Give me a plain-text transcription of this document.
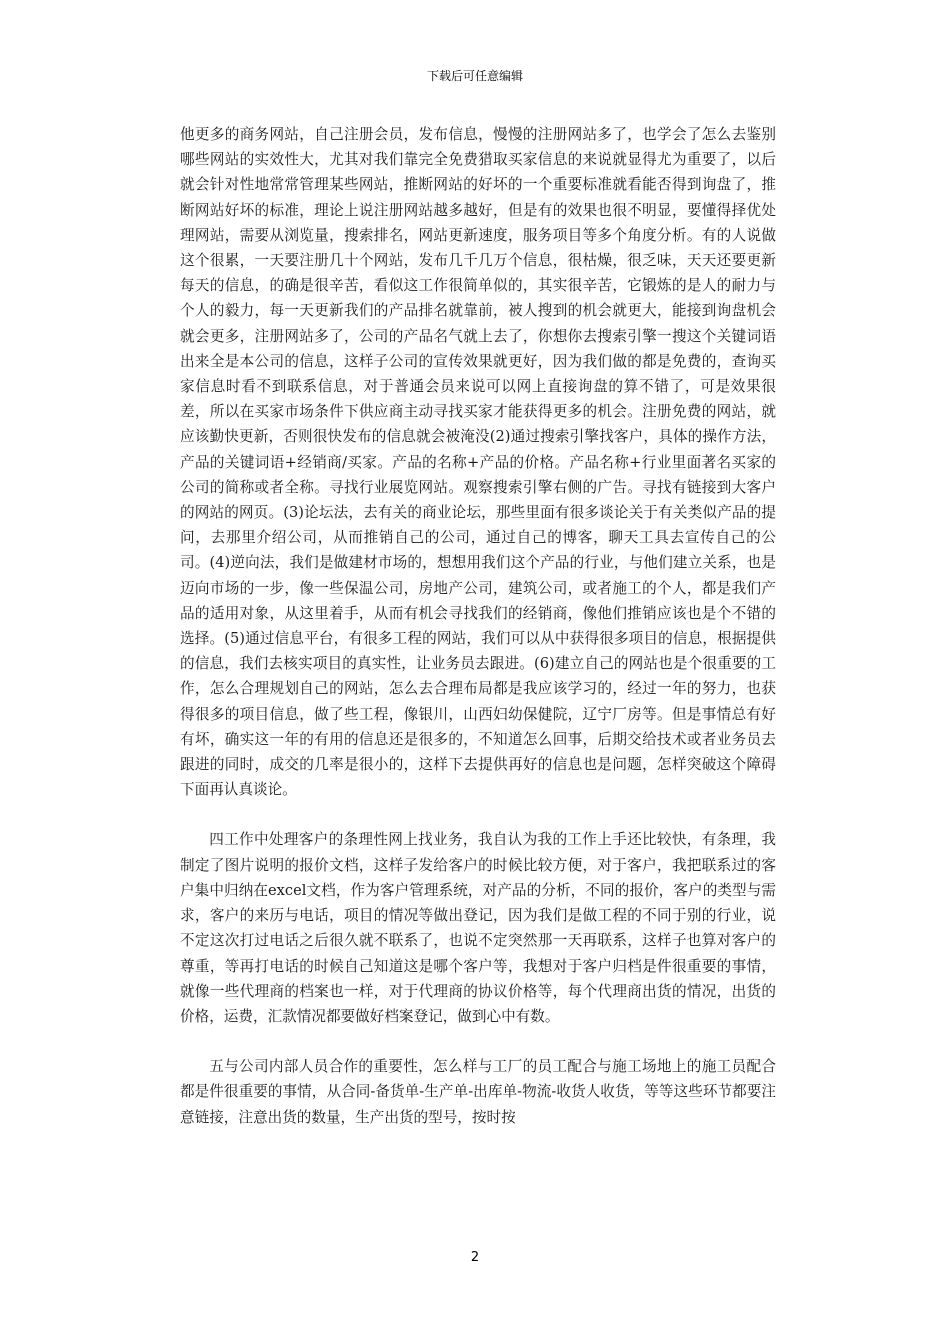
下载后可任意编辑

他更多的商务网站，自己注册会员，发布信息，慢慢的注册网站多了，也学会了怎么去鉴别哪些网站的实效性大，尤其对我们靠完全免费猎取买家信息的来说就显得尤为重要了，以后就会针对性地常常管理某些网站，推断网站的好坏的一个重要标准就看能否得到询盘了，推断网站好坏的标准，理论上说注册网站越多越好，但是有的效果也很不明显，要懂得择优处理网站，需要从浏览量，搜索排名，网站更新速度，服务项目等多个角度分析。有的人说做这个很累，一天要注册几十个网站，发布几千几万个信息，很枯燥，很乏味，天天还要更新每天的信息，的确是很辛苦，看似这工作很简单似的，其实很辛苦，它锻炼的是人的耐力与个人的毅力，每一天更新我们的产品排名就靠前，被人搜到的机会就更大，能接到询盘机会就会更多，注册网站多了，公司的产品名气就上去了，你想你去搜索引擎一搜这个关键词语出来全是本公司的信息，这样子公司的宣传效果就更好，因为我们做的都是免费的，查询买家信息时看不到联系信息，对于普通会员来说可以网上直接询盘的算不错了，可是效果很差，所以在买家市场条件下供应商主动寻找买家才能获得更多的机会。注册免费的网站，就应该勤快更新，否则很快发布的信息就会被淹没(2)通过搜索引擎找客户，具体的操作方法，产品的关键词语+经销商/买家。产品的名称+产品的价格。产品名称+行业里面著名买家的公司的简称或者全称。寻找行业展览网站。观察搜索引擎右侧的广告。寻找有链接到大客户的网站的网页。(3)论坛法，去有关的商业论坛，那些里面有很多谈论关于有关类似产品的提问，去那里介绍公司，从而推销自己的公司，通过自己的博客，聊天工具去宣传自己的公司。(4)逆向法，我们是做建材市场的，想想用我们这个产品的行业，与他们建立关系，也是迈向市场的一步，像一些保温公司，房地产公司，建筑公司，或者施工的个人，都是我们产品的适用对象，从这里着手，从而有机会寻找我们的经销商，像他们推销应该也是个不错的选择。(5)通过信息平台，有很多工程的网站，我们可以从中获得很多项目的信息，根据提供的信息，我们去核实项目的真实性，让业务员去跟进。(6)建立自己的网站也是个很重要的工作，怎么合理规划自己的网站，怎么去合理布局都是我应该学习的，经过一年的努力，也获得很多的项目信息，做了些工程，像银川，山西妇幼保健院，辽宁厂房等。但是事情总有好有坏，确实这一年的有用的信息还是很多的，不知道怎么回事，后期交给技术或者业务员去跟进的同时，成交的几率是很小的，这样下去提供再好的信息也是问题，怎样突破这个障碍下面再认真谈论。

四工作中处理客户的条理性网上找业务，我自认为我的工作上手还比较快，有条理，我制定了图片说明的报价文档，这样子发给客户的时候比较方便，对于客户，我把联系过的客户集中归纳在excel文档，作为客户管理系统，对产品的分析，不同的报价，客户的类型与需求，客户的来历与电话，项目的情况等做出登记，因为我们是做工程的不同于别的行业，说不定这次打过电话之后很久就不联系了，也说不定突然那一天再联系，这样子也算对客户的尊重，等再打电话的时候自己知道这是哪个客户等，我想对于客户归档是件很重要的事情，就像一些代理商的档案也一样，对于代理商的协议价格等，每个代理商出货的情况，出货的价格，运费，汇款情况都要做好档案登记，做到心中有数。

五与公司内部人员合作的重要性，怎么样与工厂的员工配合与施工场地上的施工员配合都是件很重要的事情，从合同-备货单-生产单-出库单-物流-收货人收货，等等这些环节都要注意链接，注意出货的数量，生产出货的型号，按时按

2
